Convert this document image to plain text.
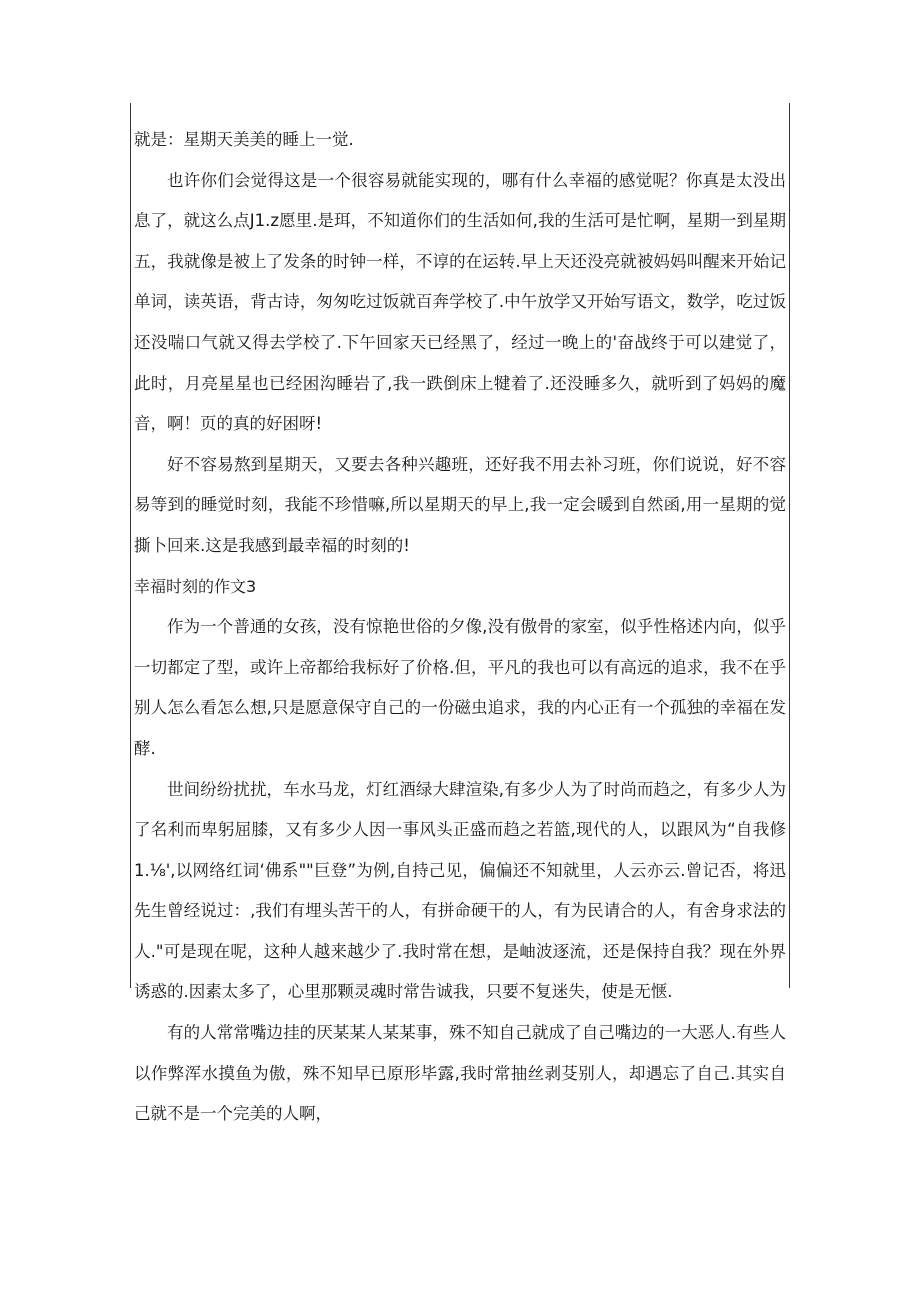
就是：星期天美美的睡上一觉.

也许你们会觉得这是一个很容易就能实现的，哪有什么幸福的感觉呢？你真是太没出息了，就这么点J1.z愿里.是珥，不知道你们的生活如何,我的生活可是忙啊，星期一到星期五，我就像是被上了发条的时钟一样，不谆的在运转.早上天还没亮就被妈妈叫醒来开始记单词，读英语，背古诗，匆匆吃过饭就百奔学校了.中午放学又开始写语文，数学，吃过饭还没喘口气就又得去学校了.下午回家天已经黑了，经过一晚上的'奋战终于可以建觉了，此时，月亮星星也已经困沟睡岩了,我一跌倒床上犍着了.还没睡多久，就听到了妈妈的魔音，啊！页的真的好困呀!

好不容易熬到星期天，又要去各种兴趣班，还好我不用去补习班，你们说说，好不容易等到的睡觉时刻，我能不珍惜嘛,所以星期天的早上,我一定会暖到自然函,用一星期的觉撕卜回来.这是我感到最幸福的时刻的!

幸福时刻的作文3

作为一个普通的女孩，没有惊艳世俗的夕像,没有傲骨的家室，似乎性格述内向，似乎一切都定了型，或许上帝都给我标好了价格.但，平凡的我也可以有高远的追求，我不在乎别人怎么看怎么想,只是愿意保守自己的一份磁虫追求，我的内心正有一个孤独的幸福在发酵.

世间纷纷扰扰，车水马龙，灯红酒绿大肆渲染,有多少人为了时尚而趋之，有多少人为了名利而卑躬屈膝，又有多少人因一事风头正盛而趋之若篮,现代的人，以跟风为“自我修1.⅛',以网络红词‘佛系""巨登”为例,自持己见，偏偏还不知就里，人云亦云.曾记否，将迅先生曾经说过：,我们有埋头苦干的人，有拼命硬干的人，有为民请合的人，有舍身求法的人."可是现在呢，这种人越来越少了.我时常在想，是岫波逐流，还是保持自我？现在外界诱惑的.因素太多了，心里那颗灵魂时常告诚我，只要不复迷失，使是无惬.

有的人常常嘴边挂的厌某某人某某事，殊不知自己就成了自己嘴边的一大恶人.有些人以作弊浑水摸鱼为傲，殊不知早已原形毕露,我时常抽丝剥芟别人，却遇忘了自己.其实自己就不是一个完美的人啊，
